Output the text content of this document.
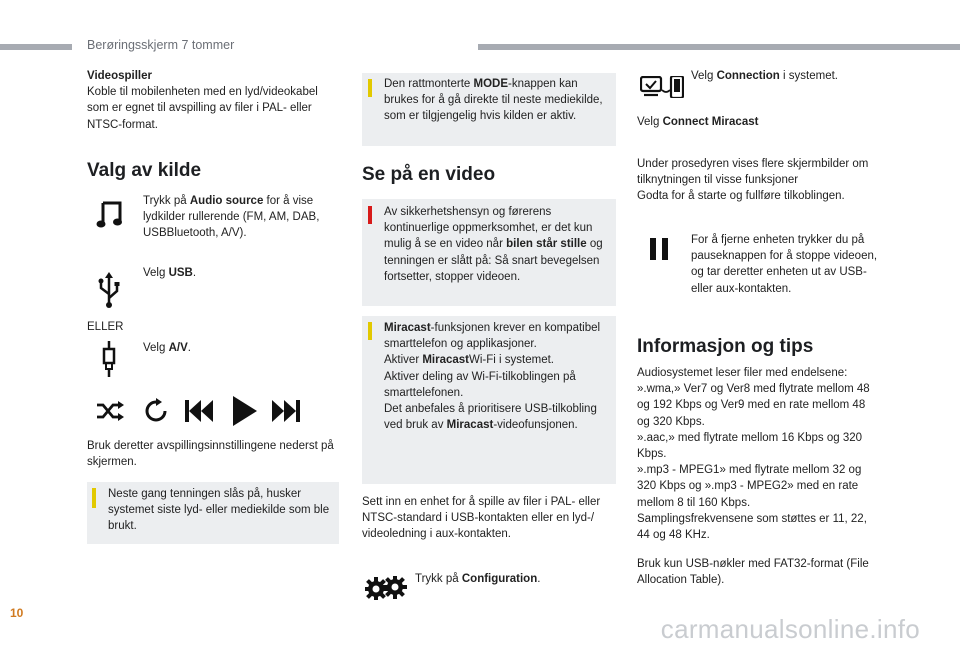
Berøringsskjerm 7 tommer
Videospiller
Koble til mobilenheten med en lyd/videokabel som er egnet til avspilling av filer i PAL- eller NTSC-format.
Valg av kilde
Trykk på Audio source for å vise lydkilder rullerende (FM, AM, DAB, USBBluetooth, A/V).
Velg USB.
ELLER
Velg A/V.
Bruk deretter avspillingsinnstillingene nederst på skjermen.
Neste gang tenningen slås på, husker systemet siste lyd- eller mediekilde som ble brukt.
Den rattmonterte MODE-knappen kan brukes for å gå direkte til neste mediekilde, som er tilgjengelig hvis kilden er aktiv.
Se på en video
Av sikkerhetshensyn og førerens kontinuerlige oppmerksomhet, er det kun mulig å se en video når bilen står stille og tenningen er slått på: Så snart bevegelsen fortsetter, stopper videoen.
Miracast-funksjonen krever en kompatibel smarttelefon og applikasjoner.
Aktiver MiracastWi-Fi i systemet.
Aktiver deling av Wi-Fi-tilkoblingen på smarttelefonen.
Det anbefales å prioritisere USB-tilkobling ved bruk av Miracast-videofunsjonen.
Sett inn en enhet for å spille av filer i PAL- eller NTSC-standard i USB-kontakten eller en lyd-/ videoledning i aux-kontakten.
Trykk på Configuration.
Velg Connection i systemet.
Velg Connect Miracast
Under prosedyren vises flere skjermbilder om tilknytningen til visse funksjoner
Godta for å starte og fullføre tilkoblingen.
For å fjerne enheten trykker du på pauseknappen for å stoppe videoen, og tar deretter enheten ut av USB- eller aux-kontakten.
Informasjon og tips
Audiosystemet leser filer med endelsene:
».wma,» Ver7 og Ver8 med flytrate mellom 48 og 192 Kbps og Ver9 med en rate mellom 48 og 320 Kbps.
».aac,» med flytrate mellom 16 Kbps og 320 Kbps.
».mp3 - MPEG1» med flytrate mellom 32 og 320 Kbps og ».mp3 - MPEG2» med en rate mellom 8 til 160 Kbps.
Samplingsfrekvensene som støttes er 11, 22, 44 og 48 KHz.
Bruk kun USB-nøkler med FAT32-format (File Allocation Table).
10
carmanualsonline.info
